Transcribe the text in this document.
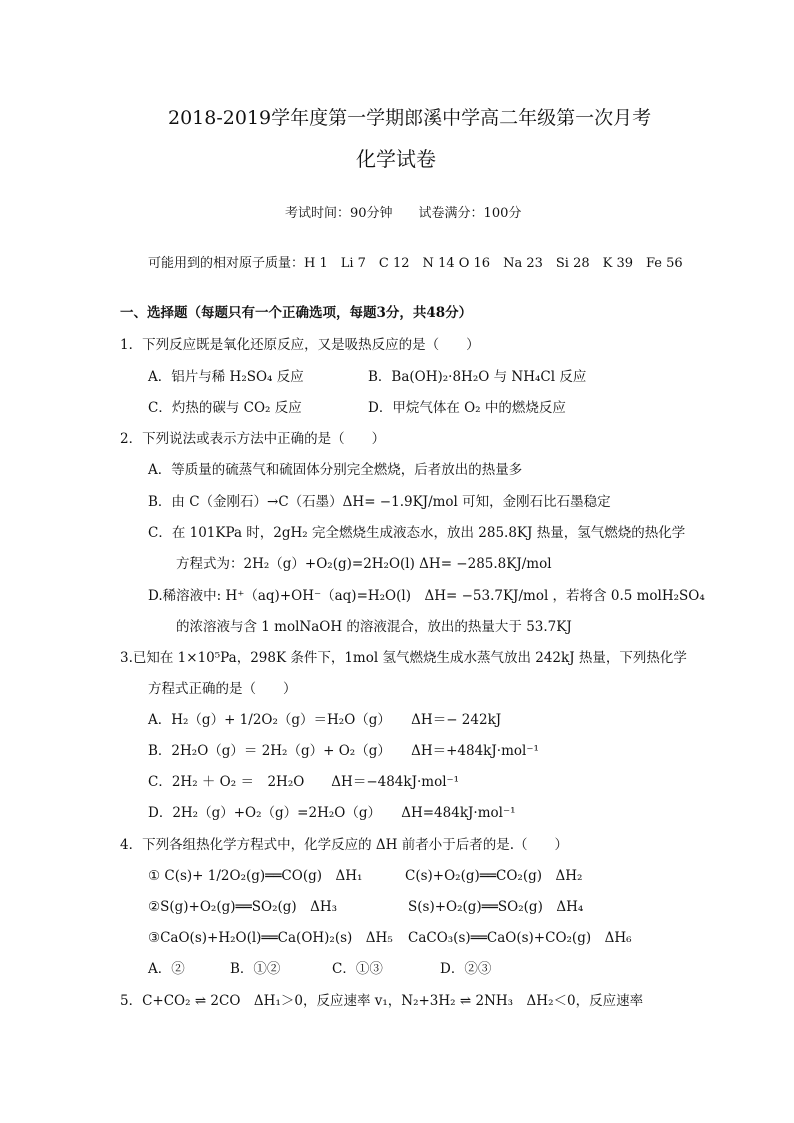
2018-2019学年度第一学期郎溪中学高二年级第一次月考
化学试卷
考试时间：90分钟　　试卷满分：100分
可能用到的相对原子质量：H 1　Li 7　C 12　N 14 O 16　Na 23　Si 28　K 39　Fe 56
一、选择题（每题只有一个正确选项，每题3分，共48分）
1．下列反应既是氧化还原反应，又是吸热反应的是（　　）
A．铝片与稀 H₂SO₄ 反应	B．Ba(OH)₂·8H₂O 与 NH₄Cl 反应
C．灼热的碳与 CO₂ 反应	D．甲烷气体在 O₂ 中的燃烧反应
2．下列说法或表示方法中正确的是（　　）
A．等质量的硫蒸气和硫固体分别完全燃烧，后者放出的热量多
B．由 C（金刚石）→C（石墨）ΔH= −1.9KJ/mol 可知，金刚石比石墨稳定
C．在 101KPa 时，2gH₂ 完全燃烧生成液态水，放出 285.8KJ 热量，氢气燃烧的热化学
方程式为：2H₂（g）+O₂(g)=2H₂O(l) ΔH= −285.8KJ/mol
D.稀溶液中: H⁺（aq)+OH⁻（aq)=H₂O(l)　ΔH= −53.7KJ/mol ，若将含 0.5 molH₂SO₄
的浓溶液与含 1 molNaOH 的溶液混合，放出的热量大于 53.7KJ
3.已知在 1×10⁵Pa，298K 条件下，1mol 氢气燃烧生成水蒸气放出 242kJ 热量，下列热化学
方程式正确的是（　　）
A．H₂（g）+ 1/2O₂（g）＝H₂O（g）　　ΔH＝− 242kJ
B．2H₂O（g）＝ 2H₂（g）+ O₂（g）　　ΔH＝+484kJ·mol⁻¹
C．2H₂ ＋ O₂ ＝　2H₂O　　ΔH＝−484kJ·mol⁻¹
D．2H₂（g）+O₂（g）=2H₂O（g）　　ΔH=484kJ·mol⁻¹
4．下列各组热化学方程式中，化学反应的 ΔH 前者小于后者的是.（　　）
① C(s)+ 1/2O₂(g)══CO(g)　ΔH₁	C(s)+O₂(g)══CO₂(g)　ΔH₂
②S(g)+O₂(g)══SO₂(g)　ΔH₃	S(s)+O₂(g)══SO₂(g)　ΔH₄
③CaO(s)+H₂O(l)══Ca(OH)₂(s)　ΔH₅ CaCO₃(s)══CaO(s)+CO₂(g)　ΔH₆
A．②	B．①②	C．①③	D．②③
5．C+CO₂ ⇌ 2CO　ΔH₁＞0，反应速率 v₁，N₂+3H₂ ⇌ 2NH₃　ΔH₂＜0，反应速率
